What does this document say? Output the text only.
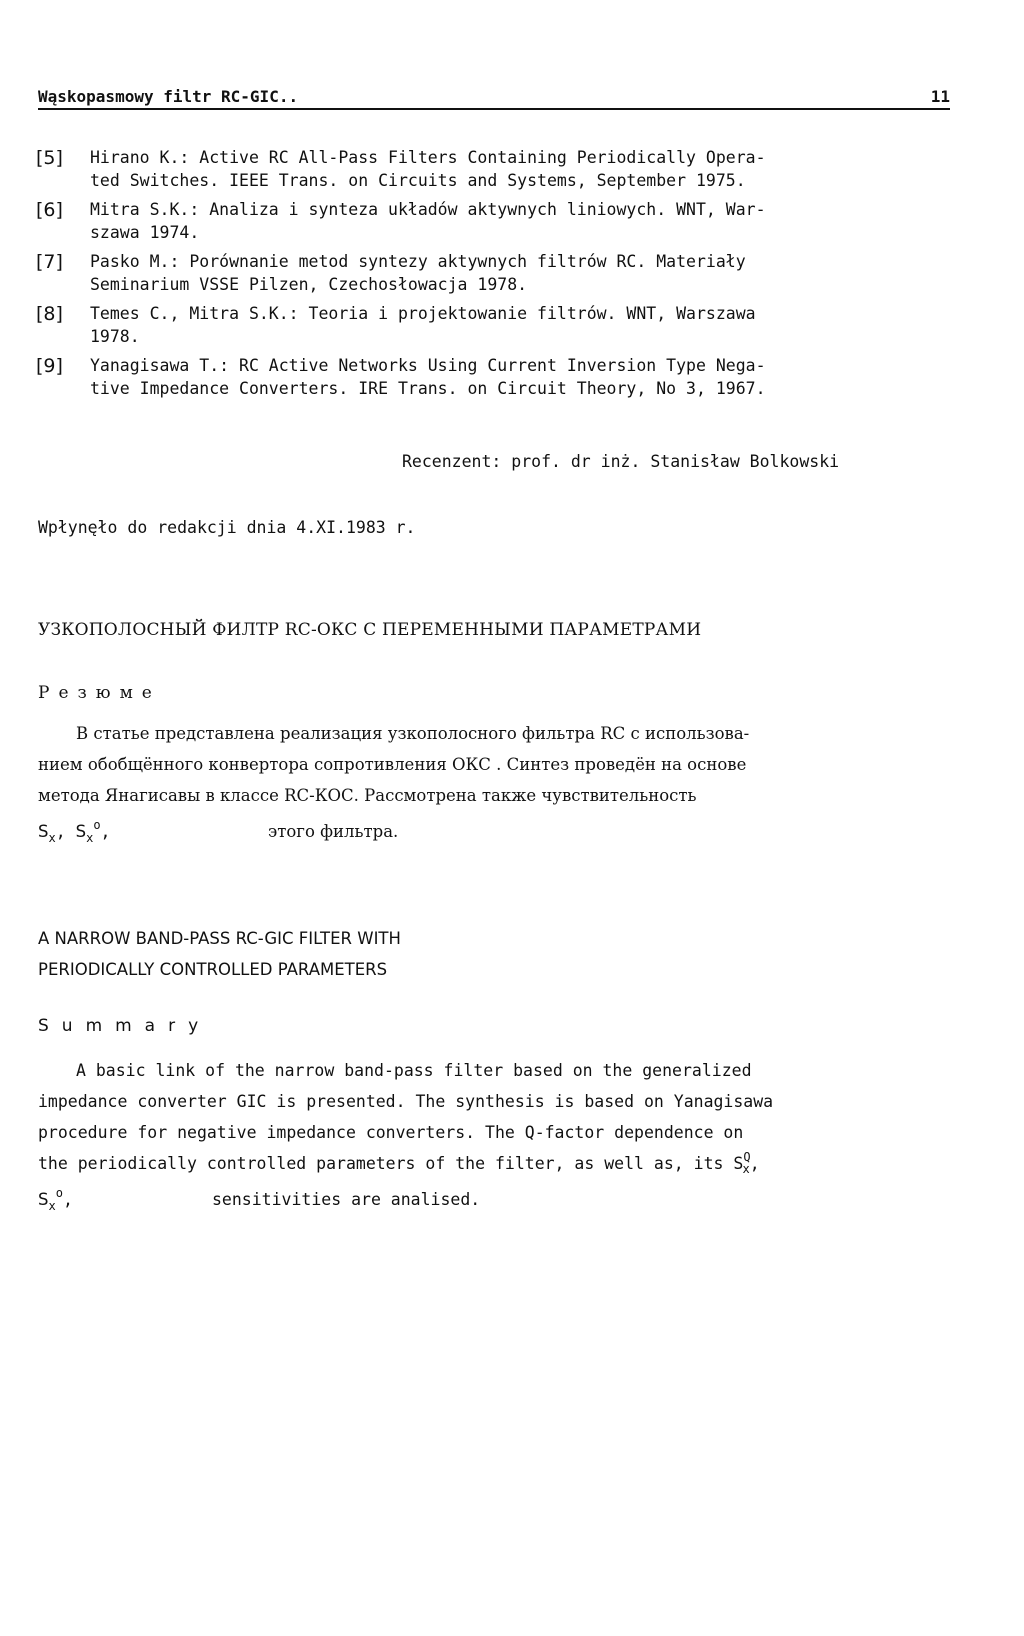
Wąskopasmowy filtr RC-GIC..	11
[5]	Hirano K.: Active RC All-Pass Filters Containing Periodically Opera-
ted Switches. IEEE Trans. on Circuits and Systems, September 1975.
[6]	Mitra S.K.: Analiza i synteza układów aktywnych liniowych. WNT, War-
szawa 1974.
[7]	Pasko M.: Porównanie metod syntezy aktywnych filtrów RC. Materiały
Seminarium VSSE Pilzen, Czechosłowacja 1978.
[8]	Temes C., Mitra S.K.: Teoria i projektowanie filtrów. WNT, Warszawa
1978.
[9]	Yanagisawa T.: RC Active Networks Using Current Inversion Type Nega-
tive Impedance Converters. IRE Trans. on Circuit Theory, No 3, 1967.
Recenzent: prof. dr inż. Stanisław Bolkowski
Wpłynęło do redakcji dnia 4.XI.1983 r.
УЗКОПОЛОСНЫЙ ФИЛТР RC-ОКС С ПЕРЕМЕННЫМИ ПАРАМЕТРАМИ
Резюме
В статье представлена реализация узкополосного фильтра RC с использова-
нием обобщённого конвертора сопротивления ОКС . Синтез проведён на основе
метода Янагисавы в классе RC-КОС. Рассмотрена также чувствительность
$S_x$, $S_x^o$,	этого фильтра.
A NARROW BAND-PASS RC-GIC FILTER WITH
PERIODICALLY CONTROLLED PARAMETERS
Summary
A basic link of the narrow band-pass filter based on the generalized
impedance converter GIC is presented. The synthesis is based on Yanagisawa
procedure for negative impedance converters. The Q-factor dependence on
the periodically controlled parameters of the filter, as well as, its $S^Q_x$,
$S_x^o$,	sensitivities are analised.
